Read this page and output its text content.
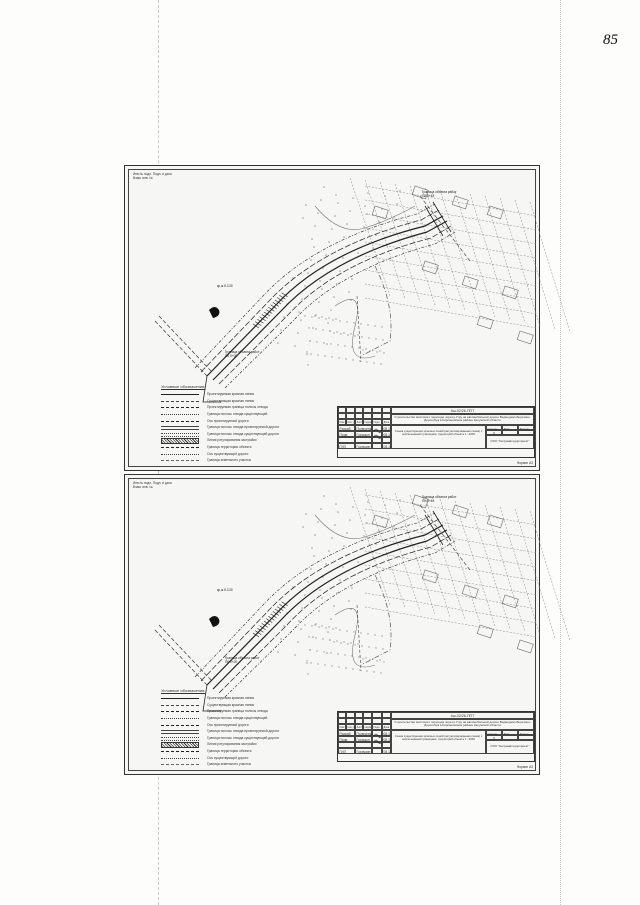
85
Инв.№ подл. Подп. и дата
Взам. инв. №
Граница объекта работ
ПК 0+00
Граница объекта работ
ПК 9+48
кр.ж.б.С30
Условные обозначения:
Проектируемая красная линия
Существующая красная линия
Проектируемая граница полосы отвода
Граница полосы отвода существующей
Ось проектируемой дороги
Граница полосы отвода проектируемой дороги
Граница полосы отвода существующей дороги
Линия регулирования застройки
Граница территории объекта
Ось существующей дороги
Граница земельного участка
Изм. Кол.уч. Лист №док. Подп.	Дата
Разраб.	Поляченко	08.13
Пров.	Горицын	08.13
ГИП	Горячкин	08.13
4ш-02/26-ППТ
Строительство мостового перехода через р.Угру на автомобильной дороге Ведмедево-Березино-Дорогобуж в Кирсановском районе Калужской области
Схема существующих красных линий (актуализированная схема) с исключенными границами, территорий объекта 1 : 2000
Стадия	Лист	Листов
П
ООО "Калужавтодорпроект"
Формат А3
Инв.№ подл. Подп. и дата
Взам. инв. №
Граница объекта работ
ПК 0+00
Граница объекта работ
ПК 9+48
кр.ж.б.С30
Условные обозначения:
Проектируемая красная линия
Существующая красная линия
Проектируемая граница полосы отвода
Граница полосы отвода существующей
Ось проектируемой дороги
Граница полосы отвода проектируемой дороги
Граница полосы отвода существующей дороги
Линия регулирования застройки
Граница территории объекта
Ось существующей дороги
Граница земельного участка
Изм. Кол.уч. Лист №док. Подп.	Дата
Разраб.	Поляченко	08.13
Пров.	Горицын	08.13
ГИП	Горячкин	08.13
4ш-02/26-ППТ
Строительство мостового перехода через р.Угру на автомобильной дороге Ведмедево-Березино-Дорогобуж в Кирсановском районе Калужской области
Схема существующих красных линий (актуализированная схема) с исключенными границами, территорий объекта 1 : 2000
Стадия	Лист	Листов
П
ООО "Калужавтодорпроект"
Формат А3
